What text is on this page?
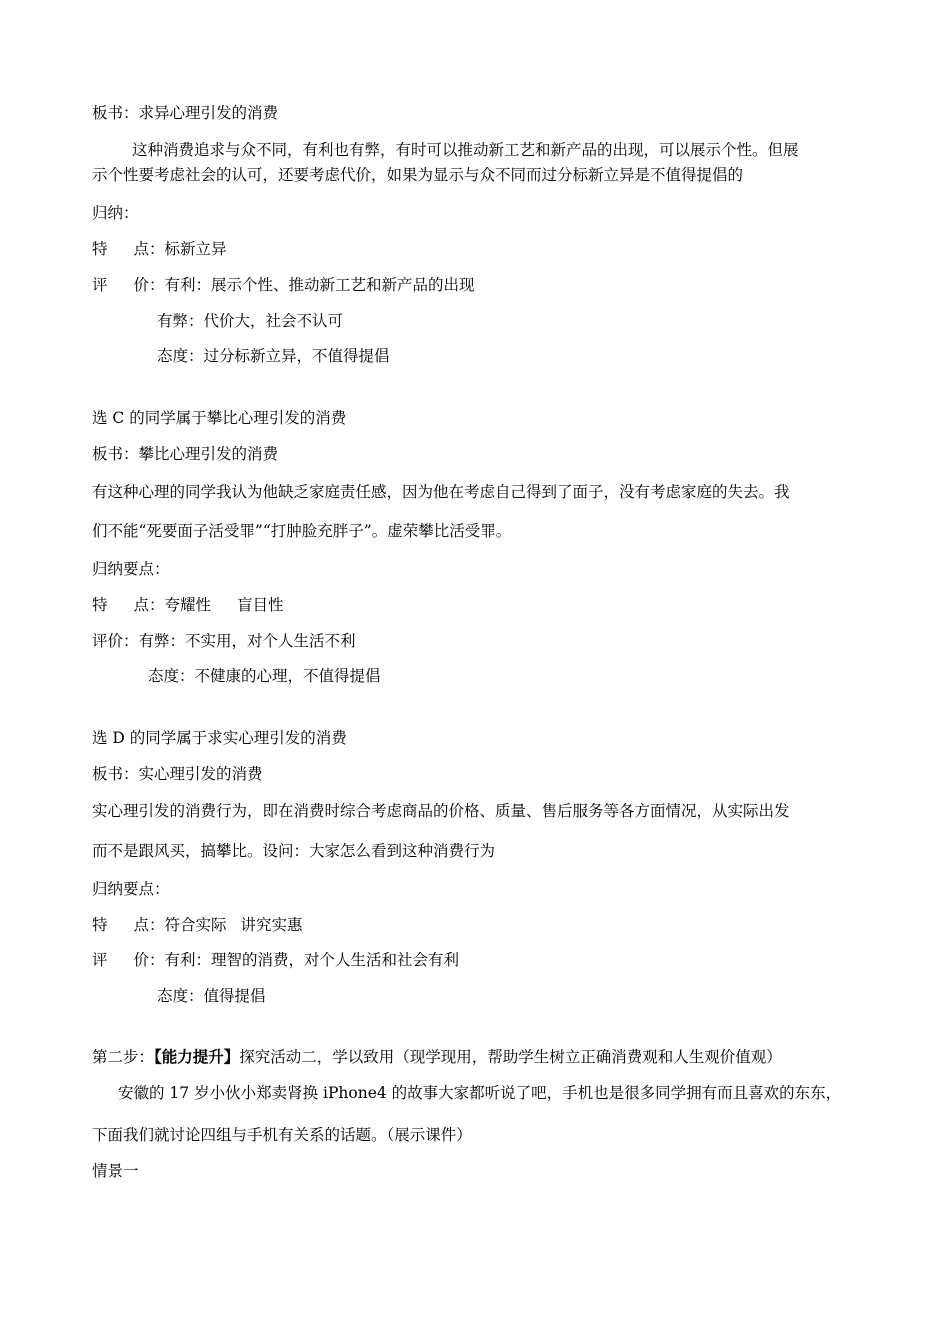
板书：求异心理引发的消费

这种消费追求与众不同，有利也有弊，有时可以推动新工艺和新产品的出现，可以展示个性。但展

示个性要考虑社会的认可，还要考虑代价，如果为显示与众不同而过分标新立异是不值得提倡的

归纳：

特 点：标新立异

评 价：有利：展示个性、推动新工艺和新产品的出现

有弊：代价大，社会不认可

态度：过分标新立异，不值得提倡

选 C 的同学属于攀比心理引发的消费

板书：攀比心理引发的消费

有这种心理的同学我认为他缺乏家庭责任感，因为他在考虑自己得到了面子，没有考虑家庭的失去。我

们不能“死要面子活受罪”“打肿脸充胖子”。虚荣攀比活受罪。

归纳要点：

特 点：夸耀性 盲目性

评价：有弊：不实用，对个人生活不利

态度：不健康的心理，不值得提倡

选 D 的同学属于求实心理引发的消费

板书：实心理引发的消费

实心理引发的消费行为，即在消费时综合考虑商品的价格、质量、售后服务等各方面情况，从实际出发

而不是跟风买，搞攀比。设问：大家怎么看到这种消费行为

归纳要点：

特 点：符合实际 讲究实惠

评 价：有利：理智的消费，对个人生活和社会有利

态度：值得提倡

第二步：【能力提升】探究活动二，学以致用（现学现用，帮助学生树立正确消费观和人生观价值观）

安徽的 17 岁小伙小郑卖肾换 iPhone4 的故事大家都听说了吧，手机也是很多同学拥有而且喜欢的东东，

下面我们就讨论四组与手机有关系的话题。（展示课件）

情景一
